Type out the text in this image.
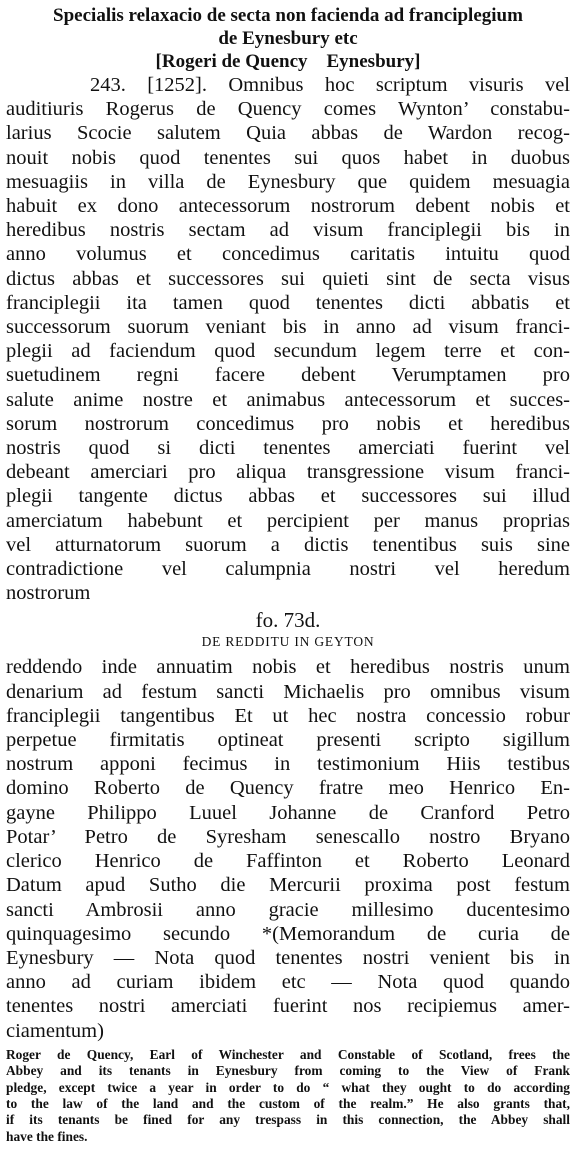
Specialis relaxacio de secta non facienda ad franciplegium
de Eynesbury etc
[Rogeri de Quency    Eynesbury]
243. [1252]. Omnibus hoc scriptum visuris vel
auditiuris Rogerus de Quency comes Wynton’ constabu-
larius Scocie salutem Quia abbas de Wardon recog-
nouit nobis quod tenentes sui quos habet in duobus
mesuagiis in villa de Eynesbury que quidem mesuagia
habuit ex dono antecessorum nostrorum debent nobis et
heredibus nostris sectam ad visum franciplegii bis in
anno volumus et concedimus caritatis intuitu quod
dictus abbas et successores sui quieti sint de secta visus
franciplegii ita tamen quod tenentes dicti abbatis et
successorum suorum veniant bis in anno ad visum franci-
plegii ad faciendum quod secundum legem terre et con-
suetudinem regni facere debent Verumptamen pro
salute anime nostre et animabus antecessorum et succes-
sorum nostrorum concedimus pro nobis et heredibus
nostris quod si dicti tenentes amerciati fuerint vel
debeant amerciari pro aliqua transgressione visum franci-
plegii tangente dictus abbas et successores sui illud
amerciatum habebunt et percipient per manus proprias
vel atturnatorum suorum a dictis tenentibus suis sine
contradictione vel calumpnia nostri vel heredum
nostrorum
fo. 73d.
DE REDDITU IN GEYTON
reddendo inde annuatim nobis et heredibus nostris unum
denarium ad festum sancti Michaelis pro omnibus visum
franciplegii tangentibus Et ut hec nostra concessio robur
perpetue firmitatis optineat presenti scripto sigillum
nostrum apponi fecimus in testimonium Hiis testibus
domino Roberto de Quency fratre meo Henrico En-
gayne Philippo Luuel Johanne de Cranford Petro
Potar’ Petro de Syresham senescallo nostro Bryano
clerico Henrico de Faffinton et Roberto Leonard
Datum apud Sutho die Mercurii proxima post festum
sancti Ambrosii anno gracie millesimo ducentesimo
quinquagesimo secundo *(Memorandum de curia de
Eynesbury — Nota quod tenentes nostri venient bis in
anno ad curiam ibidem etc — Nota quod quando
tenentes nostri amerciati fuerint nos recipiemus amer-
ciamentum)
Roger de Quency, Earl of Winchester and Constable of Scotland, frees the
Abbey and its tenants in Eynesbury from coming to the View of Frank
pledge, except twice a year in order to do “ what they ought to do according
to the law of the land and the custom of the realm.” He also grants that,
if its tenants be fined for any trespass in this connection, the Abbey shall
have the fines.
